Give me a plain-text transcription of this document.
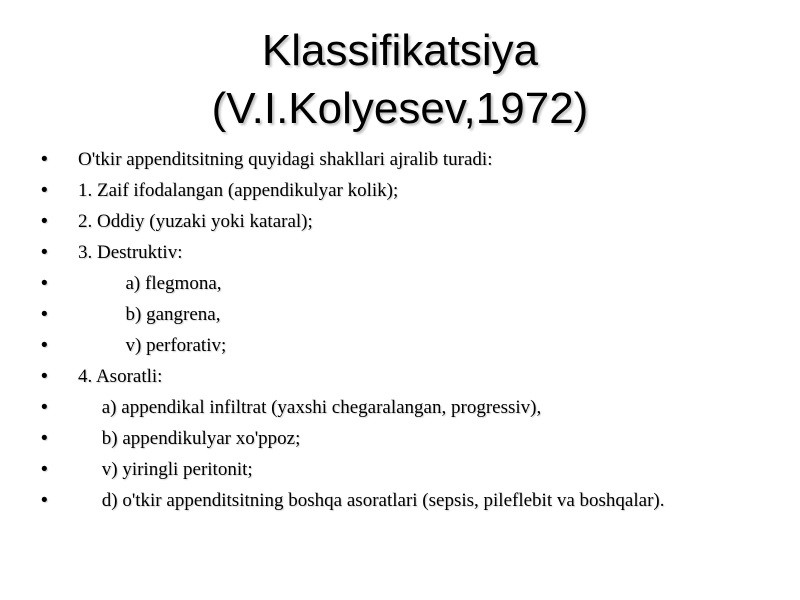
Klassifikatsiya
(V.I.Kolyesev,1972)
• O'tkir appenditsitning quyidagi shakllari ajralib turadi:
• 1. Zaif ifodalangan (appendikulyar kolik);
• 2. Oddiy (yuzaki yoki kataral);
• 3. Destruktiv:
• a) flegmona,
• b) gangrena,
• v) perforativ;
• 4. Asoratli:
• a) appendikal infiltrat (yaxshi chegaralangan, progressiv),
• b) appendikulyar xo'ppoz;
• v) yiringli peritonit;
• d) o'tkir appenditsitning boshqa asoratlari (sepsis, pileflebit va boshqalar).
